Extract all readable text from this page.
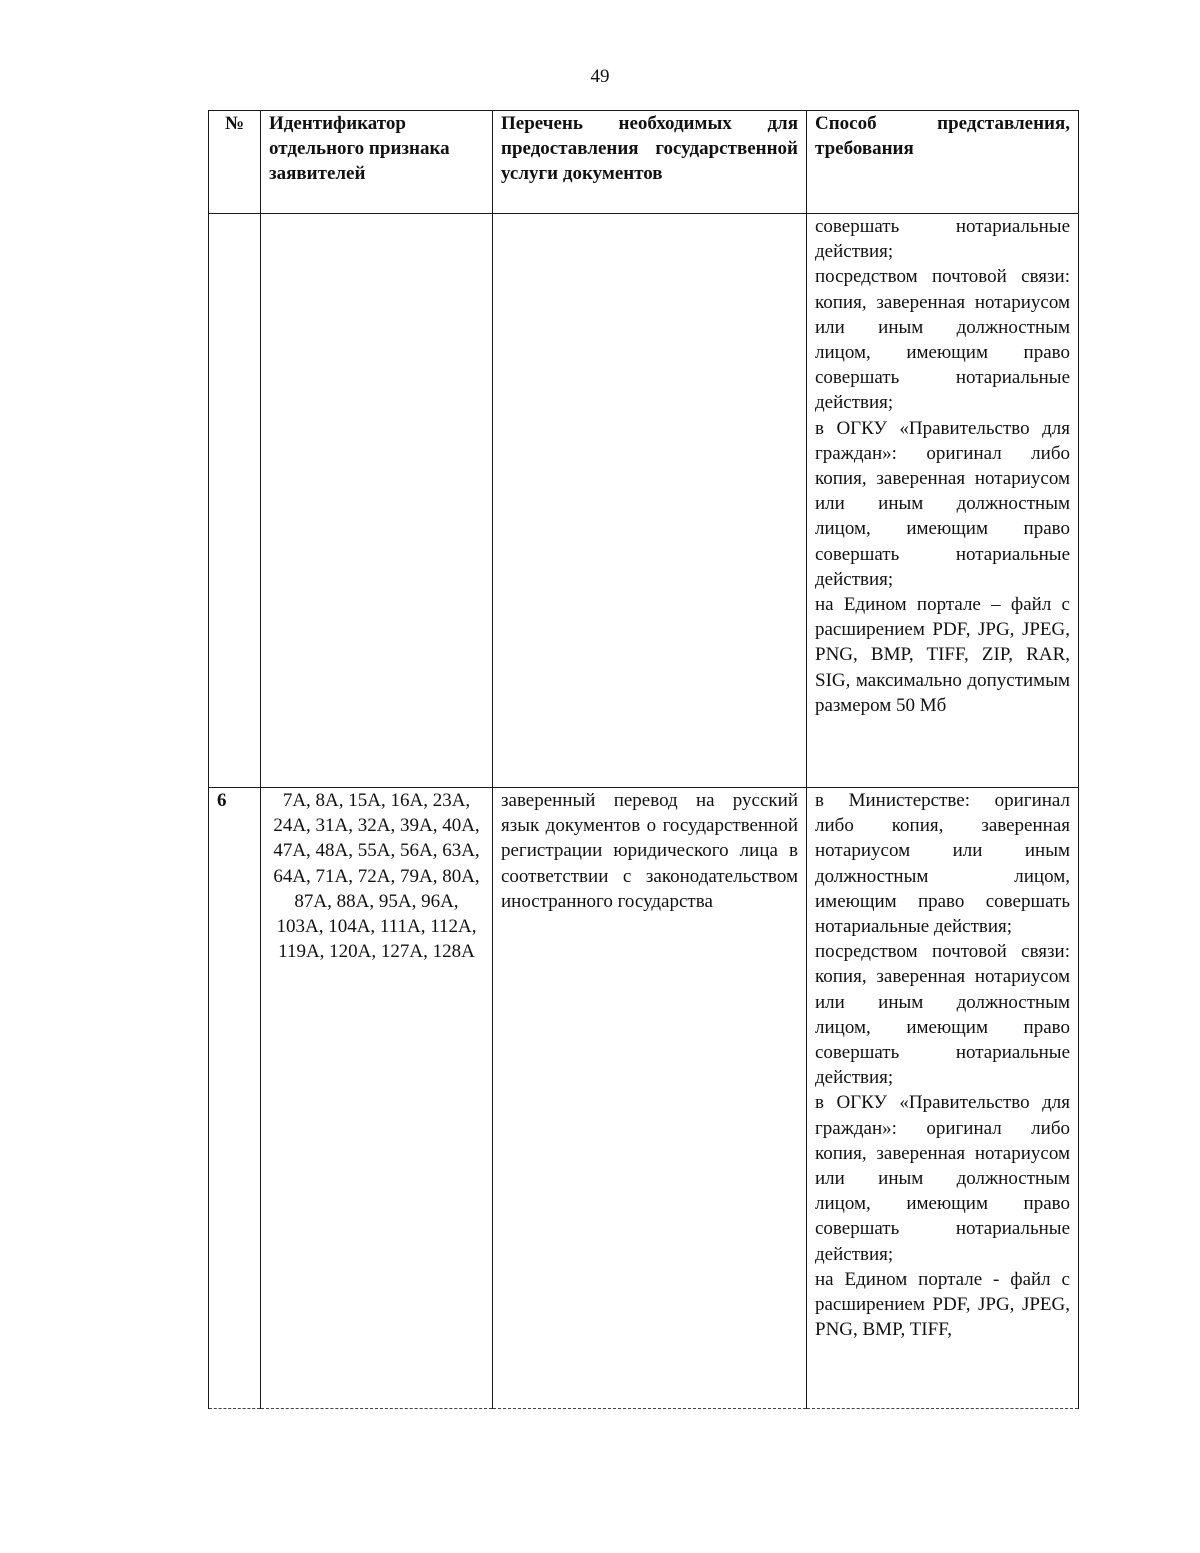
49
№	Идентификатор отдельного признака заявителей	Перечень необходимых для предоставления государственной услуги документов	Способ представления, требования

			совершать нотариальные действия;
посредством почтовой связи: копия, заверенная нотариусом или иным должностным лицом, имеющим право совершать нотариальные действия;
в ОГКУ «Правительство для граждан»: оригинал либо копия, заверенная нотариусом или иным должностным лицом, имеющим право совершать нотариальные действия;
на Едином портале – файл с расширением PDF, JPG, JPEG, PNG, BMP, TIFF, ZIP, RAR, SIG, максимально допустимым размером 50 Мб

6	7А, 8А, 15А, 16А, 23А, 24А, 31А, 32А, 39А, 40А, 47А, 48А, 55А, 56А, 63А, 64А, 71А, 72А, 79А, 80А, 87А, 88А, 95А, 96А, 103А, 104А, 111А, 112А, 119А, 120А, 127А, 128А	заверенный перевод на русский язык документов о государственной регистрации юридического лица в соответствии с законодательством иностранного государства	в Министерстве: оригинал либо копия, заверенная нотариусом или иным должностным лицом, имеющим право совершать нотариальные действия;
посредством почтовой связи: копия, заверенная нотариусом или иным должностным лицом, имеющим право совершать нотариальные действия;
в ОГКУ «Правительство для граждан»: оригинал либо копия, заверенная нотариусом или иным должностным лицом, имеющим право совершать нотариальные действия;
на Едином портале - файл с расширением PDF, JPG, JPEG, PNG, BMP, TIFF,
